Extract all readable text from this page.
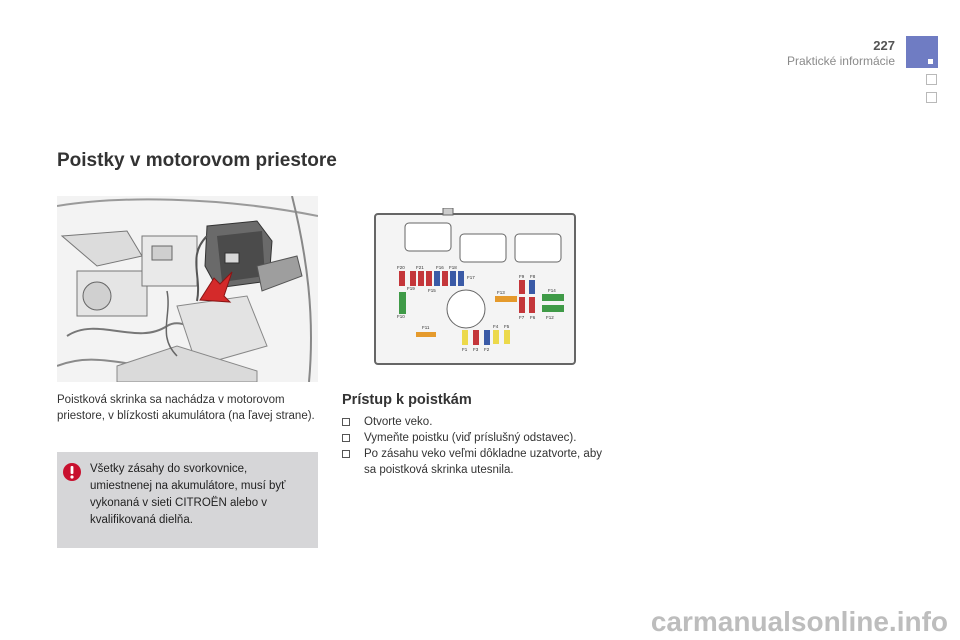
227
Praktické informácie
Poistky v motorovom priestore
F20 F21	F16 F18
F17
F19	F15
F9 F8
F14
F13
F7 F6 F12
F10
F11	F4 F5
F1 F3 F2
Poistková skrinka sa nachádza v motorovom priestore, v blízkosti akumulátora (na ľavej strane).
Všetky zásahy do svorkovnice, umiestnenej na akumulátore, musí byť vykonaná v sieti CITROËN alebo v kvalifikovaná dielňa.
Prístup k poistkám
Otvorte veko.
Vymeňte poistku (viď príslušný odstavec).
Po zásahu veko veľmi dôkladne uzatvorte, aby sa poistková skrinka utesnila.
carmanualsonline.info
